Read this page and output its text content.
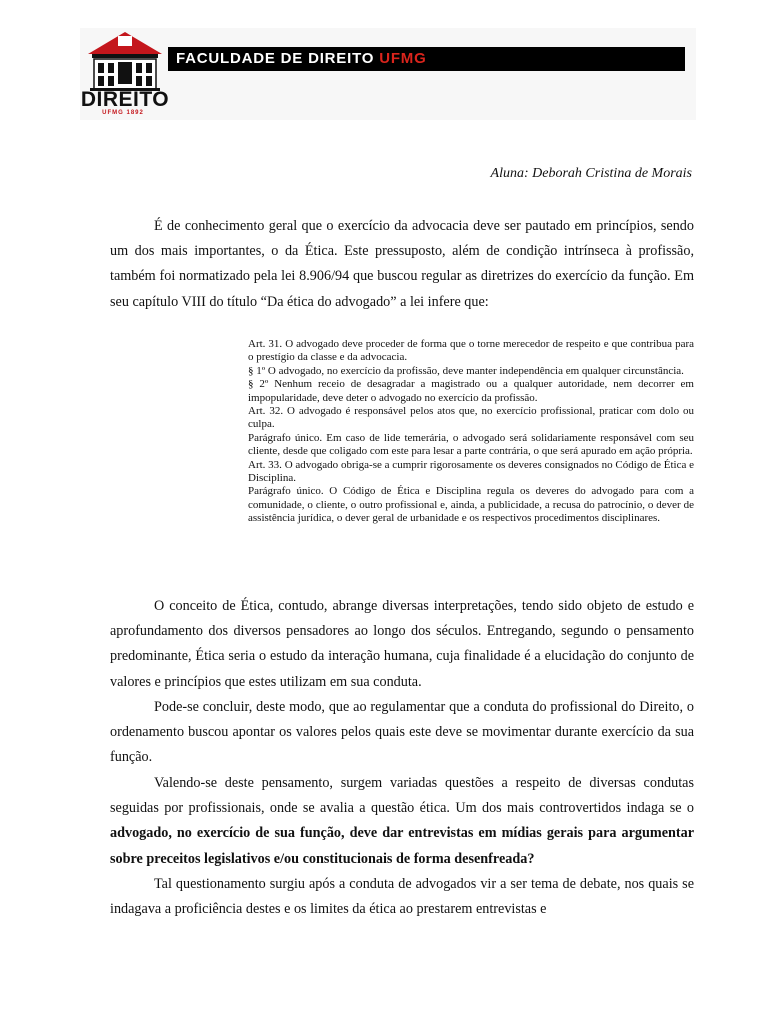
DIREITO
UFMG 1892
FACULDADE DE DIREITO UFMG
Aluna: Deborah Cristina de Morais

É de conhecimento geral que o exercício da advocacia deve ser pautado em princípios, sendo um dos mais importantes, o da Ética. Este pressuposto, além de condição intrínseca à profissão, também foi normatizado pela lei 8.906/94 que buscou regular as diretrizes do exercício da função. Em seu capítulo VIII do título “Da ética do advogado” a lei infere que:

Art. 31. O advogado deve proceder de forma que o torne merecedor de respeito e que contribua para o prestígio da classe e da advocacia.

§ 1º O advogado, no exercício da profissão, deve manter independência em qualquer circunstância.

§ 2º Nenhum receio de desagradar a magistrado ou a qualquer autoridade, nem decorrer em impopularidade, deve deter o advogado no exercício da profissão.

Art. 32. O advogado é responsável pelos atos que, no exercício profissional, praticar com dolo ou culpa.

Parágrafo único. Em caso de lide temerária, o advogado será solidariamente responsável com seu cliente, desde que coligado com este para lesar a parte contrária, o que será apurado em ação própria.

Art. 33. O advogado obriga-se a cumprir rigorosamente os deveres consignados no Código de Ética e Disciplina.

Parágrafo único. O Código de Ética e Disciplina regula os deveres do advogado para com a comunidade, o cliente, o outro profissional e, ainda, a publicidade, a recusa do patrocínio, o dever de assistência jurídica, o dever geral de urbanidade e os respectivos procedimentos disciplinares.

O conceito de Ética, contudo, abrange diversas interpretações, tendo sido objeto de estudo e aprofundamento dos diversos pensadores ao longo dos séculos. Entregando, segundo o pensamento predominante, Ética seria o estudo da interação humana, cuja finalidade é a elucidação do conjunto de valores e princípios que estes utilizam em sua conduta.

Pode-se concluir, deste modo, que ao regulamentar que a conduta do profissional do Direito, o ordenamento buscou apontar os valores pelos quais este deve se movimentar durante exercício da sua função.

Valendo-se deste pensamento, surgem variadas questões a respeito de diversas condutas seguidas por profissionais, onde se avalia a questão ética. Um dos mais controvertidos indaga se o advogado, no exercício de sua função, deve dar entrevistas em mídias gerais para argumentar sobre preceitos legislativos e/ou constitucionais de forma desenfreada?

Tal questionamento surgiu após a conduta de advogados vir a ser tema de debate, nos quais se indagava a proficiência destes e os limites da ética ao prestarem entrevistas e
